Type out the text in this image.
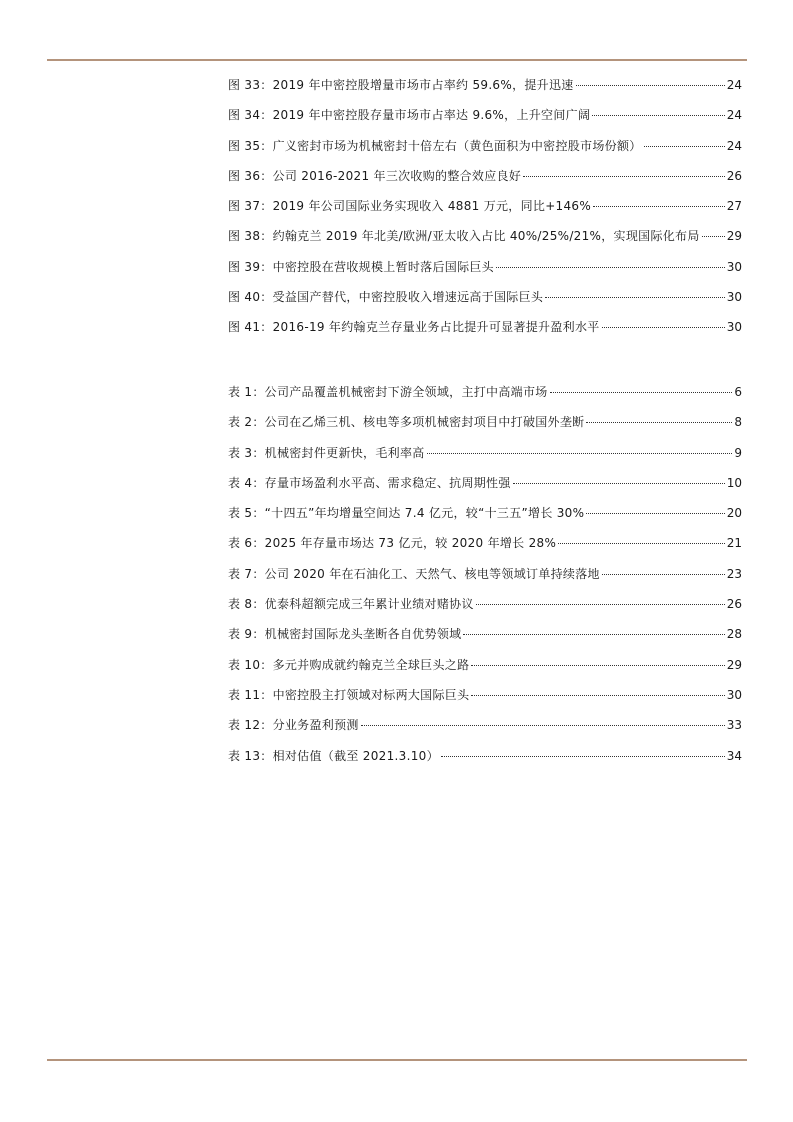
图 33：2019 年中密控股增量市场市占率约 59.6%，提升迅速	24
图 34：2019 年中密控股存量市场市占率达 9.6%，上升空间广阔	24
图 35：广义密封市场为机械密封十倍左右（黄色面积为中密控股市场份额）	24
图 36：公司 2016-2021 年三次收购的整合效应良好	26
图 37：2019 年公司国际业务实现收入 4881 万元，同比+146%	27
图 38：约翰克兰 2019 年北美/欧洲/亚太收入占比 40%/25%/21%，实现国际化布局 29
图 39：中密控股在营收规模上暂时落后国际巨头	30
图 40：受益国产替代，中密控股收入增速远高于国际巨头	30
图 41：2016-19 年约翰克兰存量业务占比提升可显著提升盈利水平	30
表 1：公司产品覆盖机械密封下游全领域，主打中高端市场	6
表 2：公司在乙烯三机、核电等多项机械密封项目中打破国外垄断	8
表 3：机械密封件更新快，毛利率高	9
表 4：存量市场盈利水平高、需求稳定、抗周期性强	10
表 5：“十四五”年均增量空间达 7.4 亿元，较“十三五”增长 30%	20
表 6：2025 年存量市场达 73 亿元，较 2020 年增长 28%	21
表 7：公司 2020 年在石油化工、天然气、核电等领域订单持续落地	23
表 8：优泰科超额完成三年累计业绩对赌协议	26
表 9：机械密封国际龙头垄断各自优势领域	28
表 10：多元并购成就约翰克兰全球巨头之路	29
表 11：中密控股主打领域对标两大国际巨头	30
表 12：分业务盈利预测	33
表 13：相对估值（截至 2021.3.10）	34
